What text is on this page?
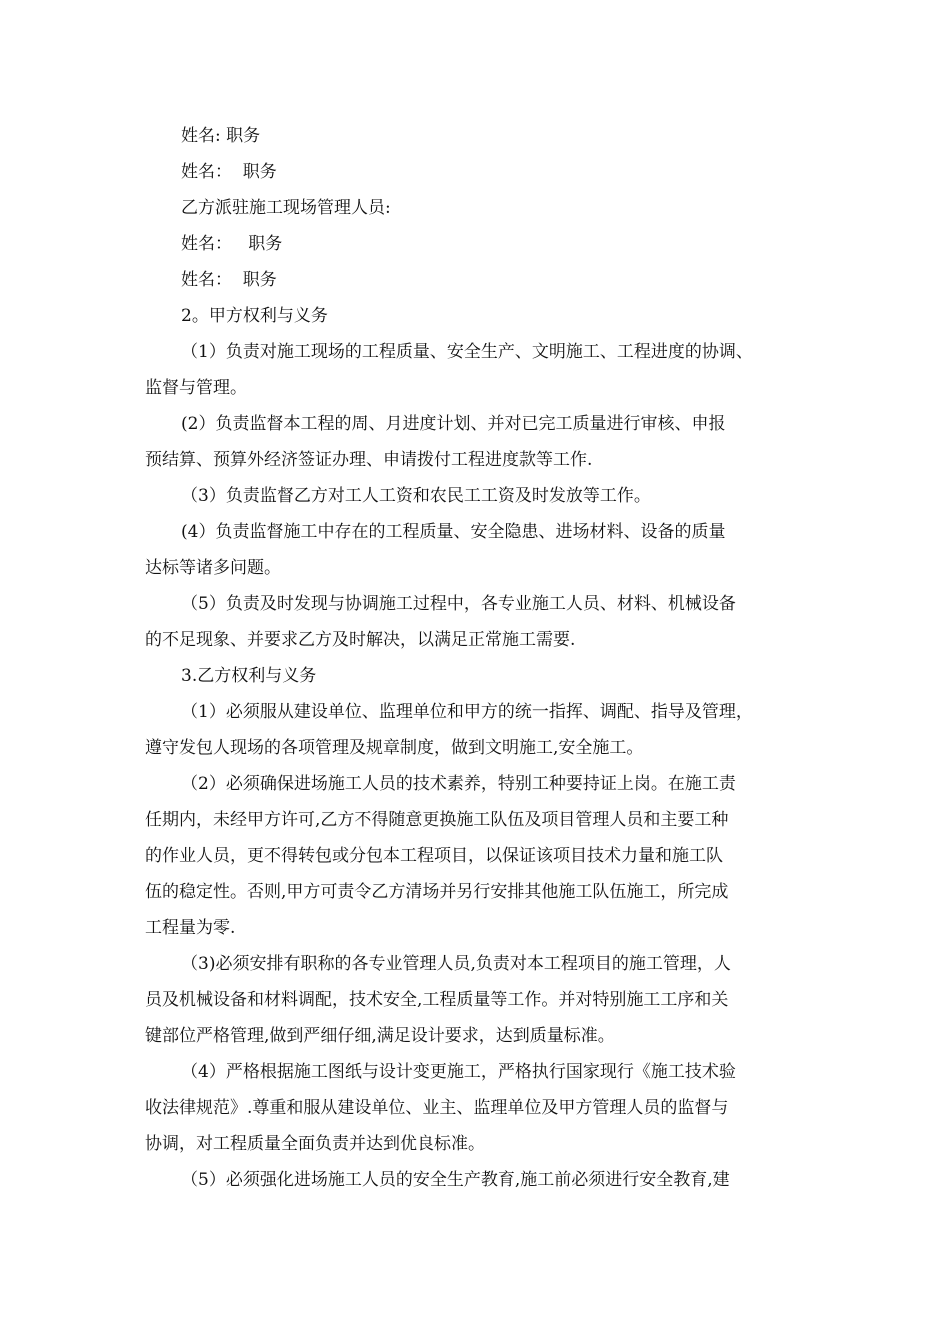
姓名: 职务
姓名：  职务
乙方派驻施工现场管理人员:
姓名：   职务
姓名：  职务
2。甲方权利与义务
（1）负责对施工现场的工程质量、安全生产、文明施工、工程进度的协调、
监督与管理。
(2）负责监督本工程的周、月进度计划、并对已完工质量进行审核、申报
预结算、预算外经济签证办理、申请拨付工程进度款等工作.
（3）负责监督乙方对工人工资和农民工工资及时发放等工作。
(4）负责监督施工中存在的工程质量、安全隐患、进场材料、设备的质量
达标等诸多问题。
（5）负责及时发现与协调施工过程中，各专业施工人员、材料、机械设备
的不足现象、并要求乙方及时解决，以满足正常施工需要.
3.乙方权利与义务
（1）必须服从建设单位、监理单位和甲方的统一指挥、调配、指导及管理，
遵守发包人现场的各项管理及规章制度，做到文明施工,安全施工。
（2）必须确保进场施工人员的技术素养，特别工种要持证上岗。在施工责
任期内，未经甲方许可,乙方不得随意更换施工队伍及项目管理人员和主要工种
的作业人员，更不得转包或分包本工程项目，以保证该项目技术力量和施工队
伍的稳定性。否则,甲方可责令乙方清场并另行安排其他施工队伍施工，所完成
工程量为零.
（3)必须安排有职称的各专业管理人员,负责对本工程项目的施工管理，人
员及机械设备和材料调配，技术安全,工程质量等工作。并对特别施工工序和关
键部位严格管理,做到严细仔细,满足设计要求，达到质量标准。
（4）严格根据施工图纸与设计变更施工，严格执行国家现行《施工技术验
收法律规范》.尊重和服从建设单位、业主、监理单位及甲方管理人员的监督与
协调，对工程质量全面负责并达到优良标准。
（5）必须强化进场施工人员的安全生产教育,施工前必须进行安全教育,建
